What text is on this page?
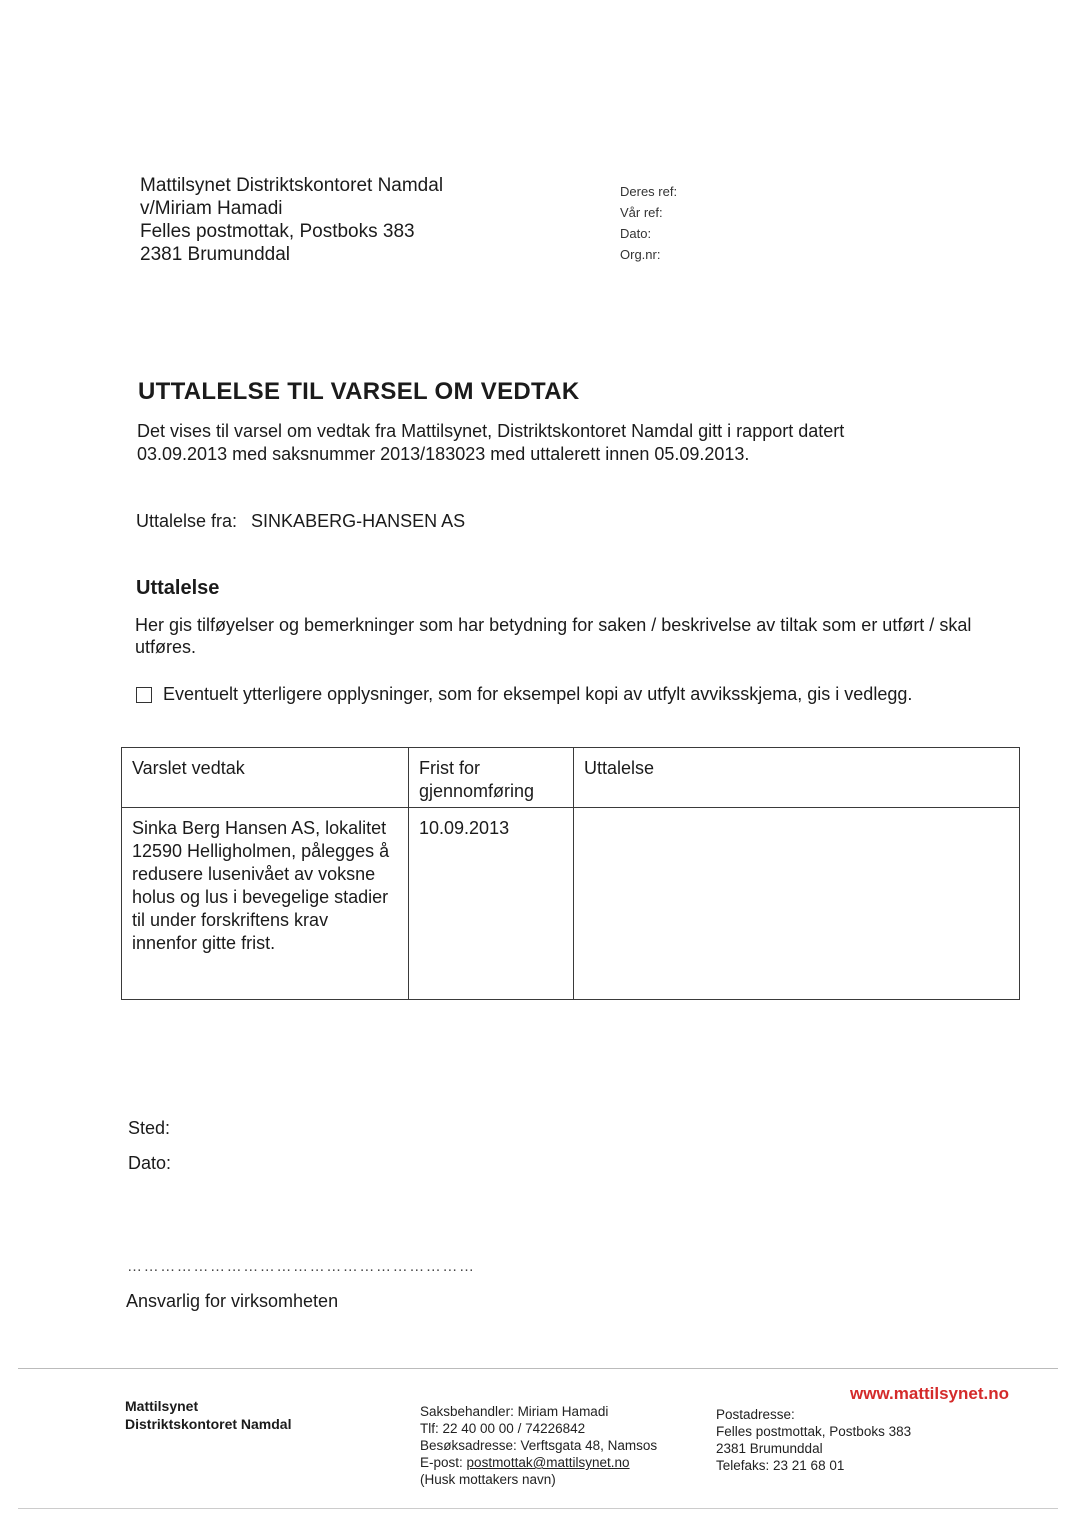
Mattilsynet Distriktskontoret Namdal
v/Miriam Hamadi
Felles postmottak, Postboks 383
2381 Brumunddal
Deres ref:
Vår ref:
Dato:
Org.nr:
UTTALELSE TIL VARSEL OM VEDTAK
Det vises til varsel om vedtak fra Mattilsynet, Distriktskontoret Namdal gitt i rapport datert 03.09.2013 med saksnummer 2013/183023 med uttalerett innen 05.09.2013.
Uttalelse fra: SINKABERG-HANSEN AS
Uttalelse
Her gis tilføyelser og bemerkninger som har betydning for saken / beskrivelse av tiltak som er utført / skal utføres.
Eventuelt ytterligere opplysninger, som for eksempel kopi av utfylt avviksskjema, gis i vedlegg.
Varslet vedtak	Frist for gjennomføring	Uttalelse
Sinka Berg Hansen AS, lokalitet 12590 Helligholmen, pålegges å redusere lusenivået av voksne holus og lus i bevegelige stadier til under forskriftens krav innenfor gitte frist.	10.09.2013	
Sted:
Dato:
………………………………………………………
Ansvarlig for virksomheten
www.mattilsynet.no
Mattilsynet
Distriktskontoret Namdal
Saksbehandler: Miriam Hamadi
Tlf: 22 40 00 00 / 74226842
Besøksadresse: Verftsgata 48, Namsos
E-post: postmottak@mattilsynet.no
(Husk mottakers navn)
Postadresse:
Felles postmottak, Postboks 383
2381 Brumunddal
Telefaks: 23 21 68 01
